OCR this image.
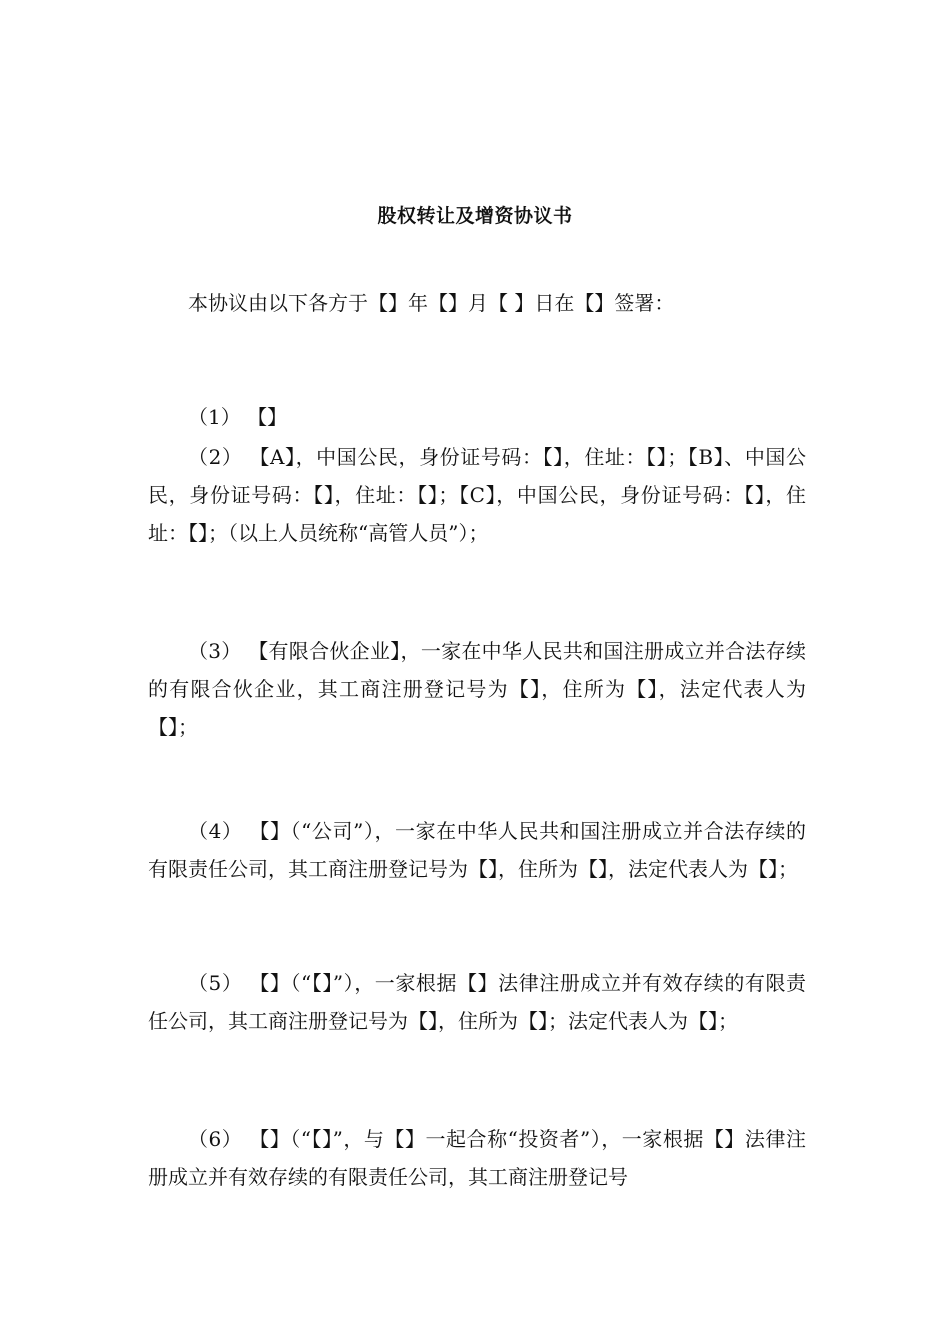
股权转让及增资协议书

本协议由以下各方于【】年【】月【 】日在【】签署：

（1） 【】

（2） 【A】，中国公民，身份证号码：【】，住址：【】；【B】、中国公民，身份证号码：【】，住址：【】；【C】，中国公民，身份证号码：【】，住址：【】；（以上人员统称“高管人员”）；

（3） 【有限合伙企业】，一家在中华人民共和国注册成立并合法存续的有限合伙企业，其工商注册登记号为【】，住所为【】，法定代表人为【】；

（4） 【】（“公司”），一家在中华人民共和国注册成立并合法存续的有限责任公司，其工商注册登记号为【】，住所为【】，法定代表人为【】；

（5） 【】（“【】”），一家根据【】法律注册成立并有效存续的有限责任公司，其工商注册登记号为【】，住所为【】；法定代表人为【】；

（6） 【】（“【】”，与【】一起合称“投资者”），一家根据【】法律注册成立并有效存续的有限责任公司，其工商注册登记号
